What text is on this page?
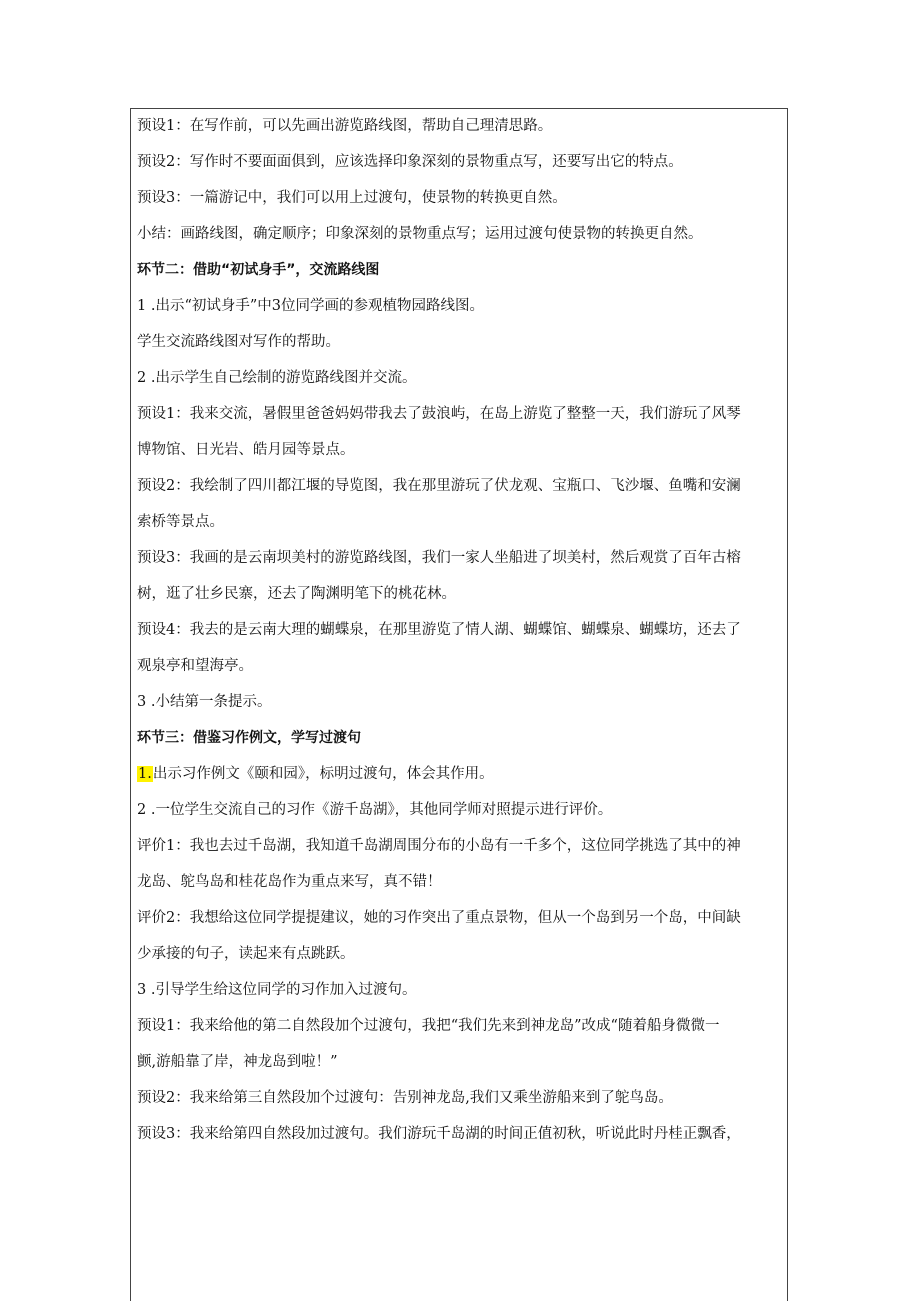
预设1：在写作前，可以先画出游览路线图，帮助自己理清思路。
预设2：写作时不要面面俱到，应该选择印象深刻的景物重点写，还要写出它的特点。
预设3：一篇游记中，我们可以用上过渡句，使景物的转换更自然。
小结：画路线图，确定顺序；印象深刻的景物重点写；运用过渡句使景物的转换更自然。
环节二：借助“初试身手”，交流路线图
1 .出示“初试身手”中3位同学画的参观植物园路线图。
学生交流路线图对写作的帮助。
2 .出示学生自己绘制的游览路线图并交流。
预设1：我来交流，暑假里爸爸妈妈带我去了鼓浪屿，在岛上游览了整整一天，我们游玩了风琴
博物馆、日光岩、皓月园等景点。
预设2：我绘制了四川都江堰的导览图，我在那里游玩了伏龙观、宝瓶口、飞沙堰、鱼嘴和安澜
索桥等景点。
预设3：我画的是云南坝美村的游览路线图，我们一家人坐船进了坝美村，然后观赏了百年古榕
树，逛了壮乡民寨，还去了陶渊明笔下的桃花林。
预设4：我去的是云南大理的蝴蝶泉，在那里游览了情人湖、蝴蝶馆、蝴蝶泉、蝴蝶坊，还去了
观泉亭和望海亭。
3 .小结第一条提示。
环节三：借鉴习作例文，学写过渡句
1.出示习作例文《颐和园》，标明过渡句，体会其作用。
2 .一位学生交流自己的习作《游千岛湖》，其他同学师对照提示进行评价。
评价1：我也去过千岛湖，我知道千岛湖周围分布的小岛有一千多个，这位同学挑选了其中的神
龙岛、鸵鸟岛和桂花岛作为重点来写，真不错！
评价2：我想给这位同学提提建议，她的习作突出了重点景物，但从一个岛到另一个岛，中间缺
少承接的句子，读起来有点跳跃。
3 .引导学生给这位同学的习作加入过渡句。
预设1：我来给他的第二自然段加个过渡句，我把“我们先来到神龙岛”改成“随着船身微微一
颤,游船靠了岸，神龙岛到啦！”
预设2：我来给第三自然段加个过渡句：告别神龙岛,我们又乘坐游船来到了鸵鸟岛。
预设3：我来给第四自然段加过渡句。我们游玩千岛湖的时间正值初秋，听说此时丹桂正飘香，
